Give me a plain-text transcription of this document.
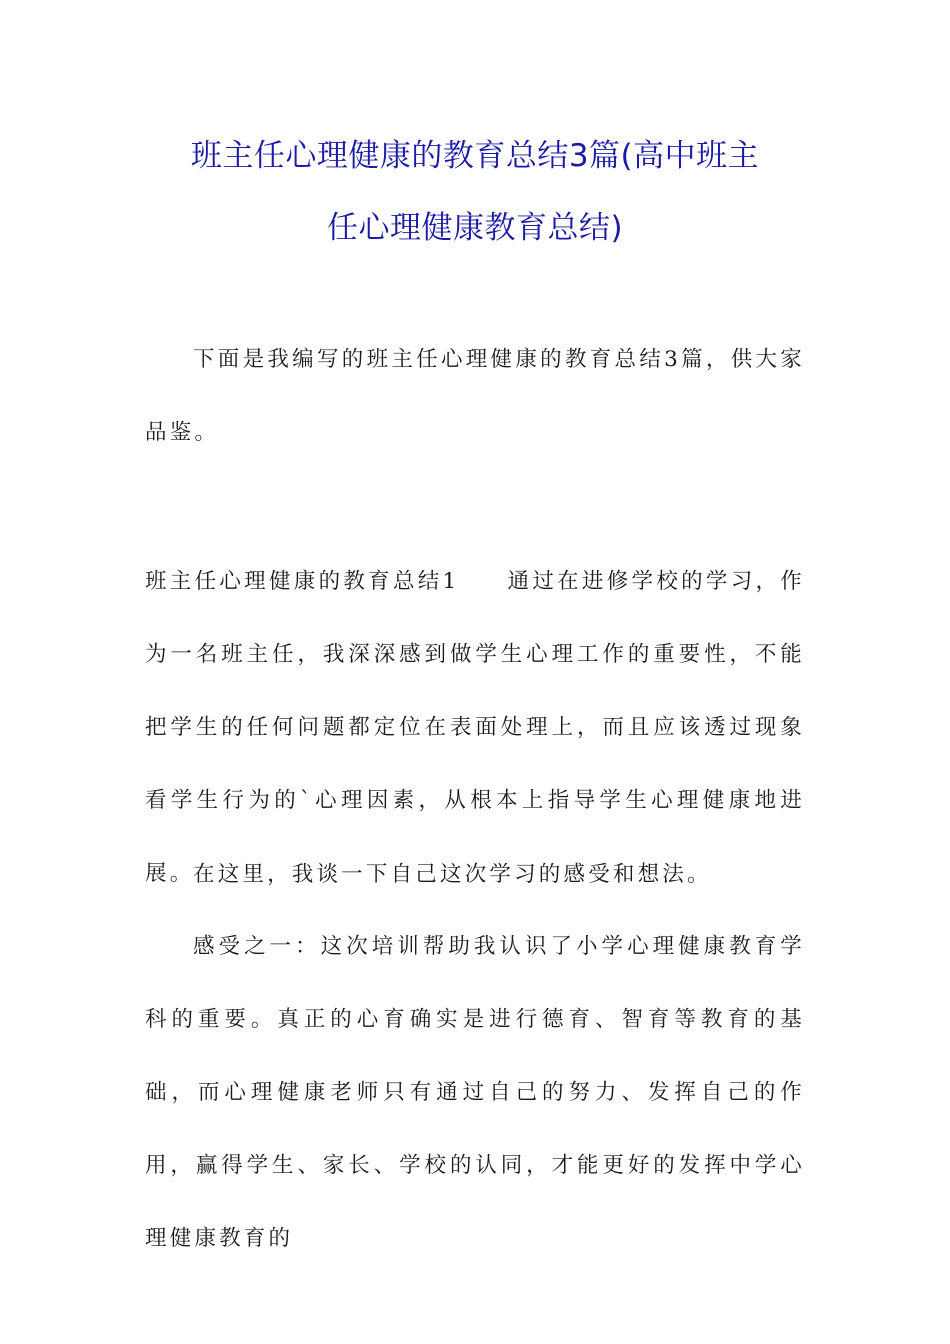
班主任心理健康的教育总结3篇(高中班主
任心理健康教育总结)

下面是我编写的班主任心理健康的教育总结3篇，供大家品鉴。

班主任心理健康的教育总结1 通过在进修学校的学习，作为一名班主任，我深深感到做学生心理工作的重要性，不能把学生的任何问题都定位在表面处理上，而且应该透过现象看学生行为的`心理因素，从根本上指导学生心理健康地进展。

在这里，我谈一下自己这次学习的感受和想法。

感受之一：这次培训帮助我认识了小学心理健康教育学科的重要。真正的心育确实是进行德育、智育等教育的基础，而心理健康老师只有通过自己的努力、发挥自己的作用，赢得学生、家长、学校的认同，才能更好的发挥中学心理健康教育的
